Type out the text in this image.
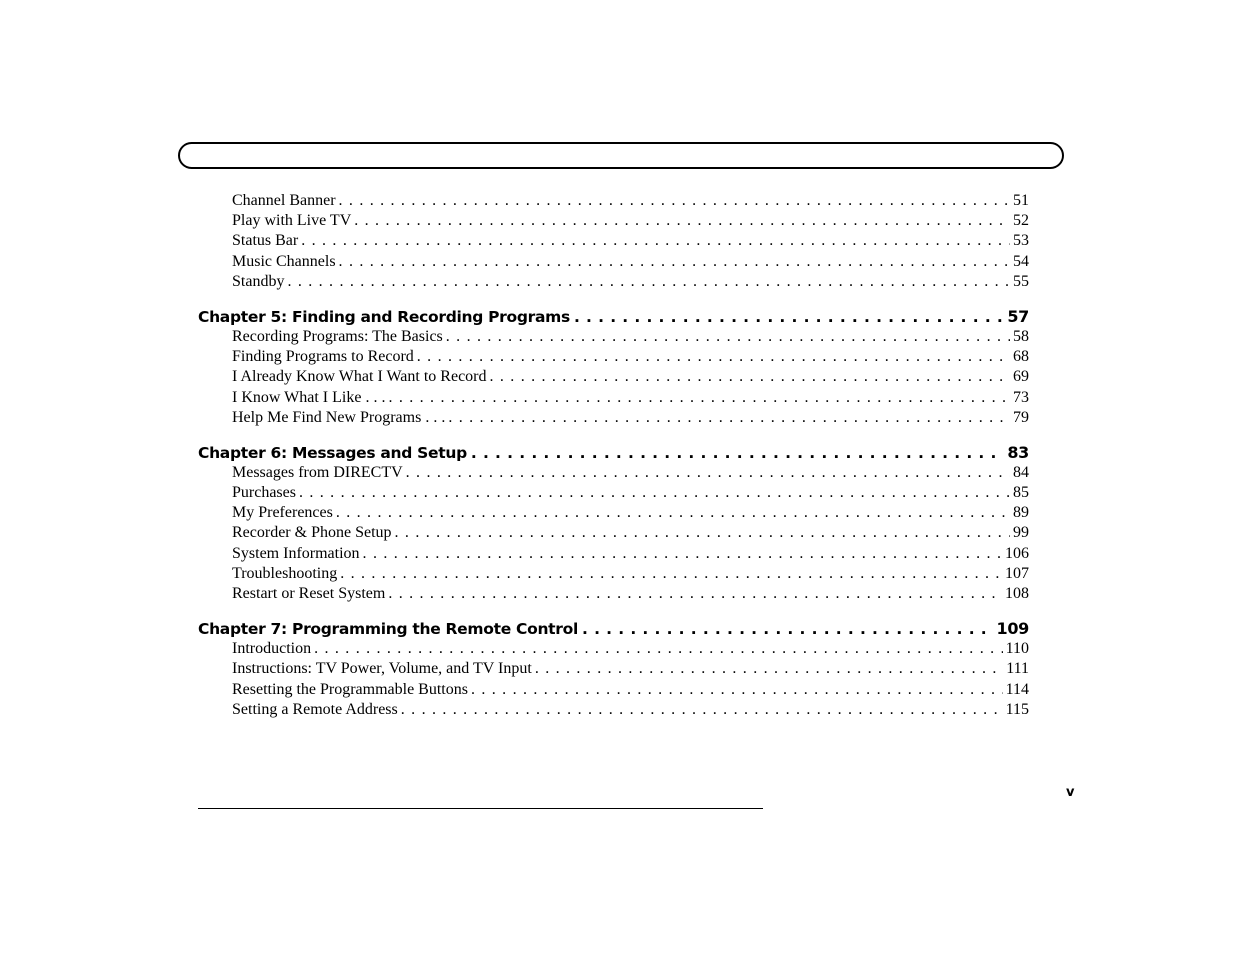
Channel Banner . . .	51
Play with Live TV . . .	52
Status Bar . . .	53
Music Channels . . .	54
Standby . . .	55
Chapter 5: Finding and Recording Programs . . .	57
Recording Programs: The Basics . . .	58
Finding Programs to Record . . .	68
I Already Know What I Want to Record . . .	69
I Know What I Like . . . . . .	73
Help Me Find New Programs . . . . . .	79
Chapter 6: Messages and Setup . . .	83
Messages from DIRECTV . . .	84
Purchases . . .	85
My Preferences . . .	89
Recorder & Phone Setup . . .	99
System Information . . .	106
Troubleshooting . . .	107
Restart or Reset System . . .	108
Chapter 7: Programming the Remote Control . . .	109
Introduction . . .	110
Instructions: TV Power, Volume, and TV Input . . .	111
Resetting the Programmable Buttons . . .	114
Setting a Remote Address . . .	115
v
